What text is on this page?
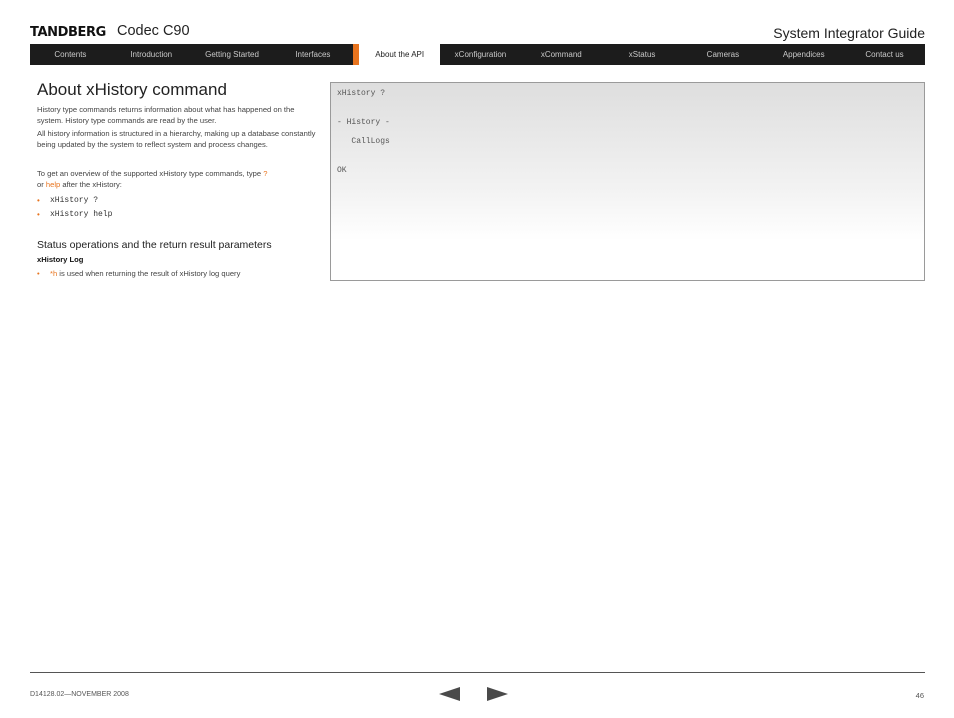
TANDBERG Codec C90	System Integrator Guide
Contents	Introduction	Getting Started	Interfaces	About the API	xConfiguration	xCommand	xStatus	Cameras	Appendices	Contact us
About xHistory command

History type commands returns information about what has happened on the system. History type commands are read by the user.

All history information is structured in a hierarchy, making up a database constantly being updated by the system to reflect system and process changes.

To get an overview of the supported xHistory type commands, type ?
or help after the xHistory:

• xHistory ?
• xHistory help
Status operations and the return result parameters
xHistory Log
• *h is used when returning the result of xHistory log query
xHistory ?
- History -
CallLogs
OK
D14128.02—NOVEMBER 2008	46
